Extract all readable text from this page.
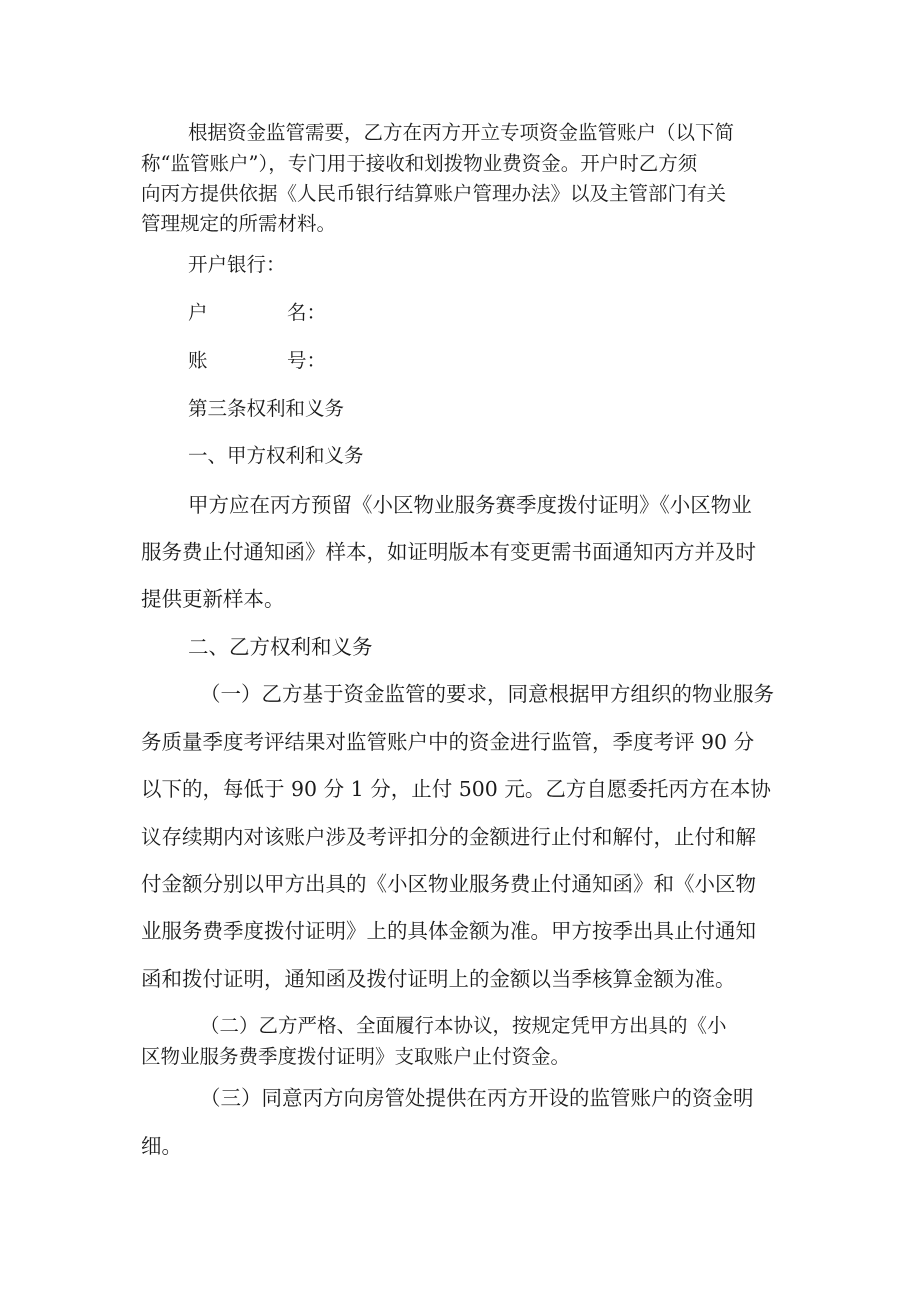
根据资金监管需要，乙方在丙方开立专项资金监管账户（以下简
称“监管账户”），专门用于接收和划拨物业费资金。开户时乙方须
向丙方提供依据《人民币银行结算账户管理办法》以及主管部门有关
管理规定的所需材料。
开户银行：
户	名：
账	号：
第三条权利和义务
一、甲方权利和义务
甲方应在丙方预留《小区物业服务赛季度拨付证明》《小区物业
服务费止付通知函》样本，如证明版本有变更需书面通知丙方并及时
提供更新样本。
二、乙方权利和义务
（一）乙方基于资金监管的要求，同意根据甲方组织的物业服务
务质量季度考评结果对监管账户中的资金进行监管，季度考评 90 分
以下的，每低于 90 分 1 分，止付 500 元。乙方自愿委托丙方在本协
议存续期内对该账户涉及考评扣分的金额进行止付和解付，止付和解
付金额分别以甲方出具的《小区物业服务费止付通知函》和《小区物
业服务费季度拨付证明》上的具体金额为准。甲方按季出具止付通知
函和拨付证明，通知函及拨付证明上的金额以当季核算金额为准。
（二）乙方严格、全面履行本协议，按规定凭甲方出具的《小
区物业服务费季度拨付证明》支取账户止付资金。
（三）同意丙方向房管处提供在丙方开设的监管账户的资金明
细。
